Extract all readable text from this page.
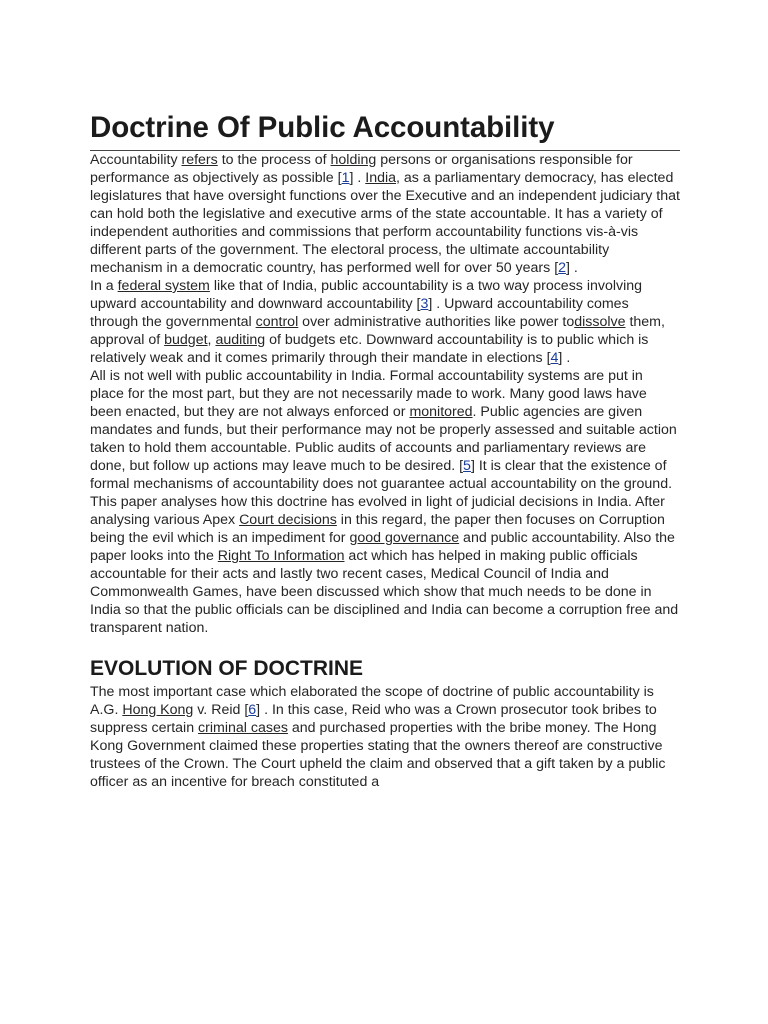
Doctrine Of Public Accountability

Accountability refers to the process of holding persons or organisations responsible for performance as objectively as possible [1] . India, as a parliamentary democracy, has elected legislatures that have oversight functions over the Executive and an independent judiciary that can hold both the legislative and executive arms of the state accountable. It has a variety of independent authorities and commissions that perform accountability functions vis-à-vis different parts of the government. The electoral process, the ultimate accountability mechanism in a democratic country, has performed well for over 50 years [2] .

In a federal system like that of India, public accountability is a two way process involving upward accountability and downward accountability [3] . Upward accountability comes through the governmental control over administrative authorities like power todissolve them, approval of budget, auditing of budgets etc. Downward accountability is to public which is relatively weak and it comes primarily through their mandate in elections [4] .

All is not well with public accountability in India. Formal accountability systems are put in place for the most part, but they are not necessarily made to work. Many good laws have been enacted, but they are not always enforced or monitored. Public agencies are given mandates and funds, but their performance may not be properly assessed and suitable action taken to hold them accountable. Public audits of accounts and parliamentary reviews are done, but follow up actions may leave much to be desired. [5] It is clear that the existence of formal mechanisms of accountability does not guarantee actual accountability on the ground.

This paper analyses how this doctrine has evolved in light of judicial decisions in India. After analysing various Apex Court decisions in this regard, the paper then focuses on Corruption being the evil which is an impediment for good governance and public accountability. Also the paper looks into the Right To Information act which has helped in making public officials accountable for their acts and lastly two recent cases, Medical Council of India and Commonwealth Games, have been discussed which show that much needs to be done in India so that the public officials can be disciplined and India can become a corruption free and transparent nation.

EVOLUTION OF DOCTRINE

The most important case which elaborated the scope of doctrine of public accountability is A.G. Hong Kong v. Reid [6] . In this case, Reid who was a Crown prosecutor took bribes to suppress certain criminal cases and purchased properties with the bribe money. The Hong Kong Government claimed these properties stating that the owners thereof are constructive trustees of the Crown. The Court upheld the claim and observed that a gift taken by a public officer as an incentive for breach constituted a
